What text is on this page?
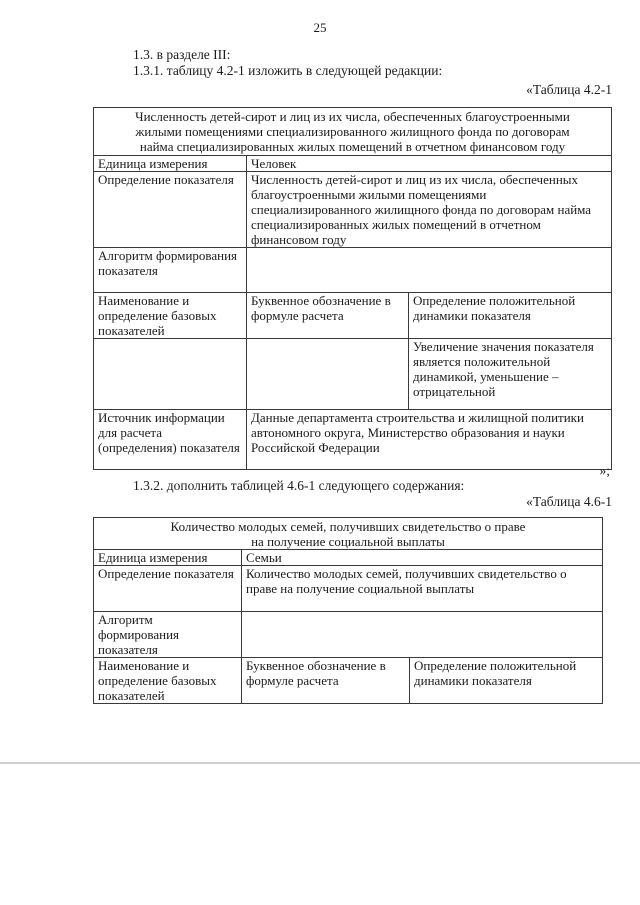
25
1.3. в разделе III:
1.3.1. таблицу 4.2-1 изложить в следующей редакции:
«Таблица 4.2-1
Численность детей-сирот и лиц из их числа, обеспеченных благоустроенными
жилыми помещениями специализированного жилищного фонда по договорам
найма специализированных жилых помещений в отчетном финансовом году		

Единица измерения	Человек	
Определение показателя	Численность детей-сирот и лиц из их числа, обеспеченных благоустроенными жилыми помещениями специализированного жилищного фонда по договорам найма специализированных жилых помещений в отчетном финансовом году	
Алгоритм формирования показателя		
Наименование и определение базовых показателей	Буквенное обозначение в формуле расчета	Определение положительной динамики показателя
		Увеличение значения показателя является положительной динамикой, уменьшение – отрицательной
Источник информации для расчета (определения) показателя	Данные департамента строительства и жилищной политики автономного округа, Министерство образования и науки Российской Федерации	
»;
1.3.2. дополнить таблицей 4.6-1 следующего содержания:
«Таблица 4.6-1
Количество молодых семей, получивших свидетельство о праве
на получение социальной выплаты		

Единица измерения	Семьи	
Определение показателя	Количество молодых семей, получивших свидетельство о праве на получение социальной выплаты	
Алгоритм формирования показателя		
Наименование и определение базовых показателей	Буквенное обозначение в формуле расчета	Определение положительной динамики показателя
